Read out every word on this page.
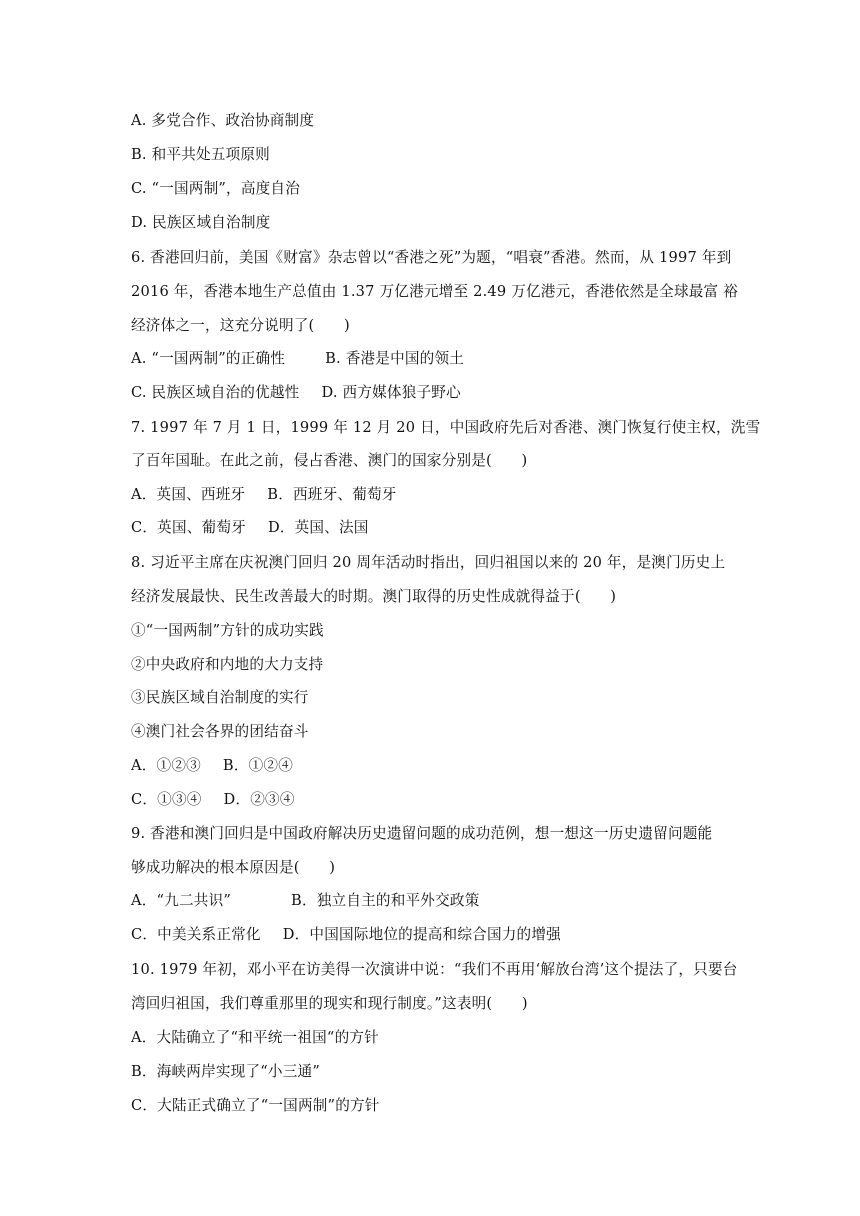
A. 多党合作、政治协商制度
B. 和平共处五项原则
C. “一国两制”，高度自治
D. 民族区域自治制度
6. 香港回归前，美国《财富》杂志曾以“香港之死”为题，“唱衰”香港。然而，从 1997 年到
2016 年，香港本地生产总值由 1.37 万亿港元增至 2.49 万亿港元，香港依然是全球最富 裕
经济体之一，这充分说明了(　　)
A. “一国两制”的正确性	B. 香港是中国的领土
C. 民族区域自治的优越性 D. 西方媒体狼子野心
7. 1997 年 7 月 1 日，1999 年 12 月 20 日，中国政府先后对香港、澳门恢复行使主权，洗雪
了百年国耻。在此之前，侵占香港、澳门的国家分别是(　　)
A．英国、西班牙 B．西班牙、葡萄牙
C．英国、葡萄牙 D．英国、法国
8. 习近平主席在庆祝澳门回归 20 周年活动时指出，回归祖国以来的 20 年，是澳门历史上
经济发展最快、民生改善最大的时期。澳门取得的历史性成就得益于(　　)
①“一国两制”方针的成功实践
②中央政府和内地的大力支持
③民族区域自治制度的实行
④澳门社会各界的团结奋斗
A．①②③ B．①②④
C．①③④ D．②③④
9. 香港和澳门回归是中国政府解决历史遗留问题的成功范例，想一想这一历史遗留问题能
够成功解决的根本原因是(　　)
A．“九二共识”	B．独立自主的和平外交政策
C．中美关系正常化 D．中国国际地位的提高和综合国力的增强
10. 1979 年初，邓小平在访美得一次演讲中说：“我们不再用‘解放台湾’这个提法了，只要台
湾回归祖国，我们尊重那里的现实和现行制度。”这表明(　　)
A．大陆确立了“和平统一祖国“的方针
B．海峡两岸实现了“小三通”
C．大陆正式确立了“一国两制”的方针
